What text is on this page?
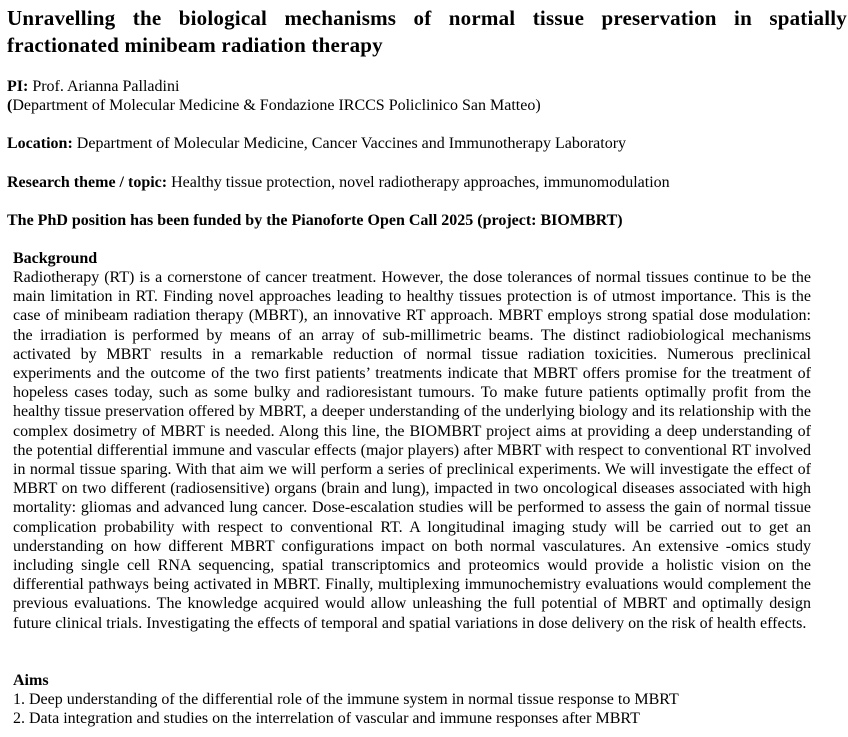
Unravelling the biological mechanisms of normal tissue preservation in spatially fractionated minibeam radiation therapy
PI: Prof. Arianna Palladini
(Department of Molecular Medicine & Fondazione IRCCS Policlinico San Matteo)
Location: Department of Molecular Medicine, Cancer Vaccines and Immunotherapy Laboratory
Research theme / topic: Healthy tissue protection, novel radiotherapy approaches, immunomodulation
The PhD position has been funded by the Pianoforte Open Call 2025 (project: BIOMBRT)
Background
Radiotherapy (RT) is a cornerstone of cancer treatment. However, the dose tolerances of normal tissues continue to be the main limitation in RT. Finding novel approaches leading to healthy tissues protection is of utmost importance. This is the case of minibeam radiation therapy (MBRT), an innovative RT approach. MBRT employs strong spatial dose modulation: the irradiation is performed by means of an array of sub-millimetric beams. The distinct radiobiological mechanisms activated by MBRT results in a remarkable reduction of normal tissue radiation toxicities. Numerous preclinical experiments and the outcome of the two first patients’ treatments indicate that MBRT offers promise for the treatment of hopeless cases today, such as some bulky and radioresistant tumours. To make future patients optimally profit from the healthy tissue preservation offered by MBRT, a deeper understanding of the underlying biology and its relationship with the complex dosimetry of MBRT is needed. Along this line, the BIOMBRT project aims at providing a deep understanding of the potential differential immune and vascular effects (major players) after MBRT with respect to conventional RT involved in normal tissue sparing. With that aim we will perform a series of preclinical experiments. We will investigate the effect of MBRT on two different (radiosensitive) organs (brain and lung), impacted in two oncological diseases associated with high mortality: gliomas and advanced lung cancer. Dose-escalation studies will be performed to assess the gain of normal tissue complication probability with respect to conventional RT. A longitudinal imaging study will be carried out to get an understanding on how different MBRT configurations impact on both normal vasculatures. An extensive -omics study including single cell RNA sequencing, spatial transcriptomics and proteomics would provide a holistic vision on the differential pathways being activated in MBRT. Finally, multiplexing immunochemistry evaluations would complement the previous evaluations. The knowledge acquired would allow unleashing the full potential of MBRT and optimally design future clinical trials. Investigating the effects of temporal and spatial variations in dose delivery on the risk of health effects.
Aims
1. Deep understanding of the differential role of the immune system in normal tissue response to MBRT
2. Data integration and studies on the interrelation of vascular and immune responses after MBRT
